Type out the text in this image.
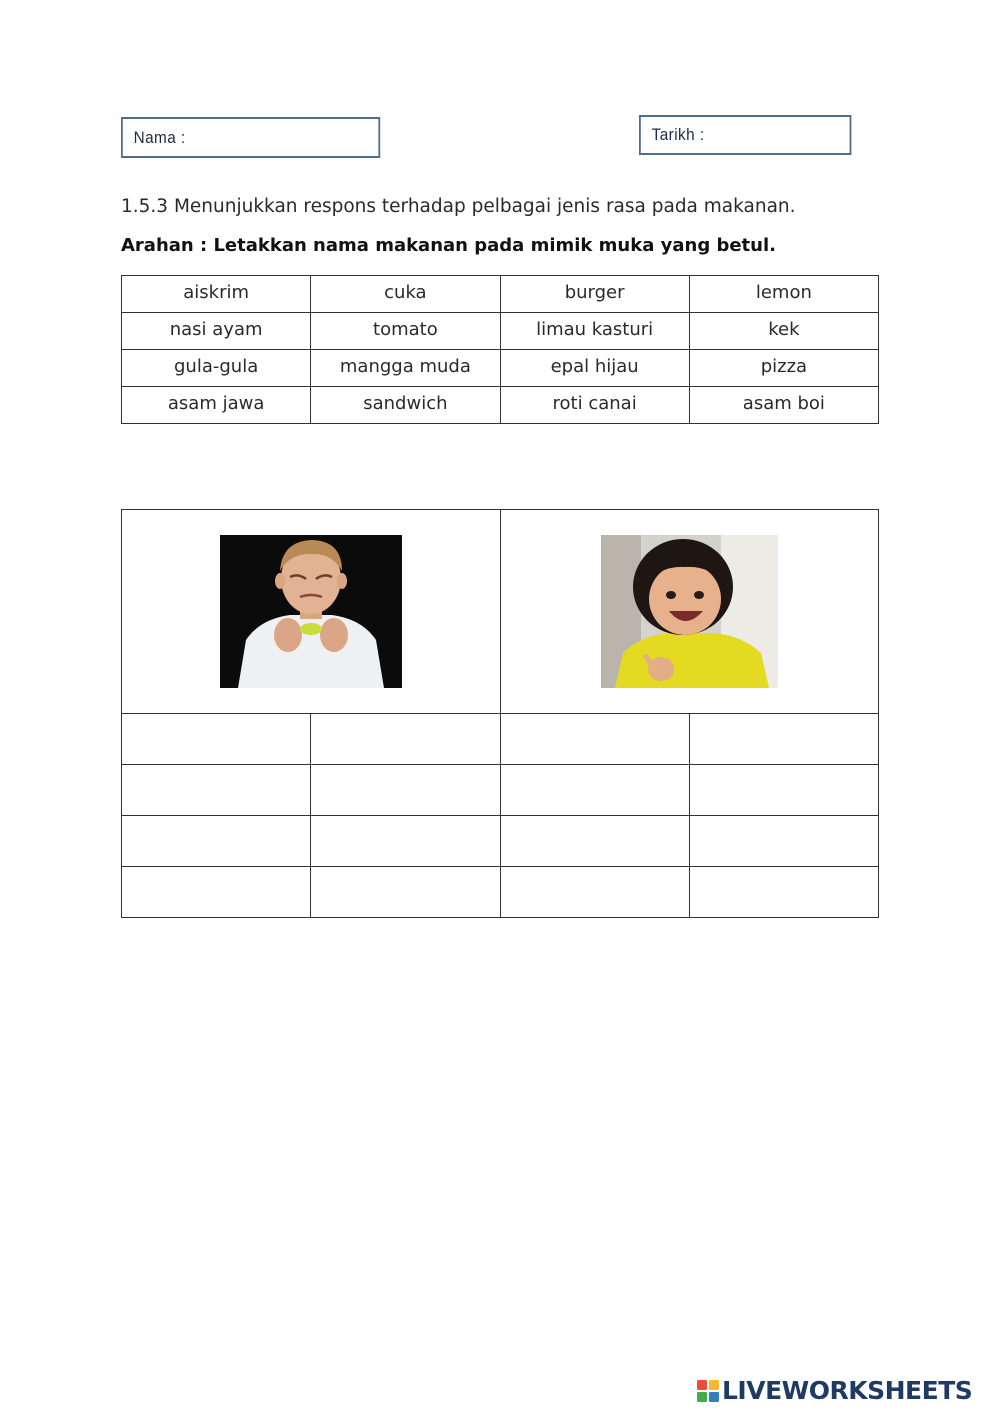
Nama :	Tarikh :
1.5.3 Menunjukkan respons terhadap pelbagai jenis rasa pada makanan.
Arahan : Letakkan nama makanan pada mimik muka yang betul.
aiskrim	cuka	burger	lemon
nasi ayam	tomato	limau kasturi	kek
gula-gula	mangga muda	epal hijau	pizza
asam jawa	sandwich	roti canai	asam boi

LIVEWORKSHEETS
